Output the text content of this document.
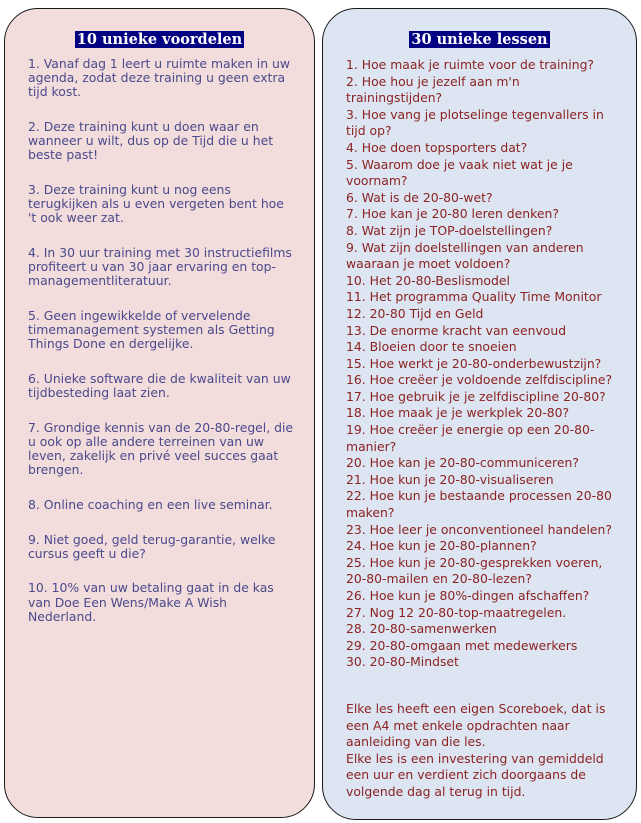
10 unieke voordelen	30 unieke lessen
1. Vanaf dag 1 leert u ruimte maken in uw agenda, zodat deze training u geen extra tijd kost.
2. Deze training kunt u doen waar en wanneer u wilt, dus op de Tijd die u het beste past!
3. Deze training kunt u nog eens terugkijken als u even vergeten bent hoe 't ook weer zat.
4. In 30 uur training met 30 instructiefilms profiteert u van 30 jaar ervaring en top-managementliteratuur.
5. Geen ingewikkelde of vervelende timemanagement systemen als Getting Things Done en dergelijke.
6. Unieke software die de kwaliteit van uw tijdbesteding laat zien.
7. Grondige kennis van de 20-80-regel, die u ook op alle andere terreinen van uw leven, zakelijk en privé veel succes gaat brengen.
8. Online coaching en een live seminar.
9. Niet goed, geld terug-garantie, welke cursus geeft u die?
10. 10% van uw betaling gaat in de kas van Doe Een Wens/Make A Wish Nederland.
1. Hoe maak je ruimte voor de training?
2. Hoe hou je jezelf aan m'n trainingstijden?
3. Hoe vang je plotselinge tegenvallers in tijd op?
4. Hoe doen topsporters dat?
5. Waarom doe je vaak niet wat je je voornam?
6. Wat is de 20-80-wet?
7. Hoe kan je 20-80 leren denken?
8. Wat zijn je TOP-doelstellingen?
9. Wat zijn doelstellingen van anderen waaraan je moet voldoen?
10. Het 20-80-Beslismodel
11. Het programma Quality Time Monitor
12. 20-80 Tijd en Geld
13. De enorme kracht van eenvoud
14. Bloeien door te snoeien
15. Hoe werkt je 20-80-onderbewustzijn?
16. Hoe creëer je voldoende zelfdiscipline?
17. Hoe gebruik je je zelfdiscipline 20-80?
18. Hoe maak je je werkplek 20-80?
19. Hoe creëer je energie op een 20-80-manier?
20. Hoe kan je 20-80-communiceren?
21. Hoe kun je 20-80-visualiseren
22. Hoe kun je bestaande processen 20-80 maken?
23. Hoe leer je onconventioneel handelen?
24. Hoe kun je 20-80-plannen?
25. Hoe kun je 20-80-gesprekken voeren, 20-80-mailen en 20-80-lezen?
26. Hoe kun je 80%-dingen afschaffen?
27. Nog 12 20-80-top-maatregelen.
28. 20-80-samenwerken
29. 20-80-omgaan met medewerkers
30. 20-80-Mindset

Elke les heeft een eigen Scoreboek, dat is een A4 met enkele opdrachten naar aanleiding van die les.

Elke les is een investering van gemiddeld een uur en verdient zich doorgaans de volgende dag al terug in tijd.
